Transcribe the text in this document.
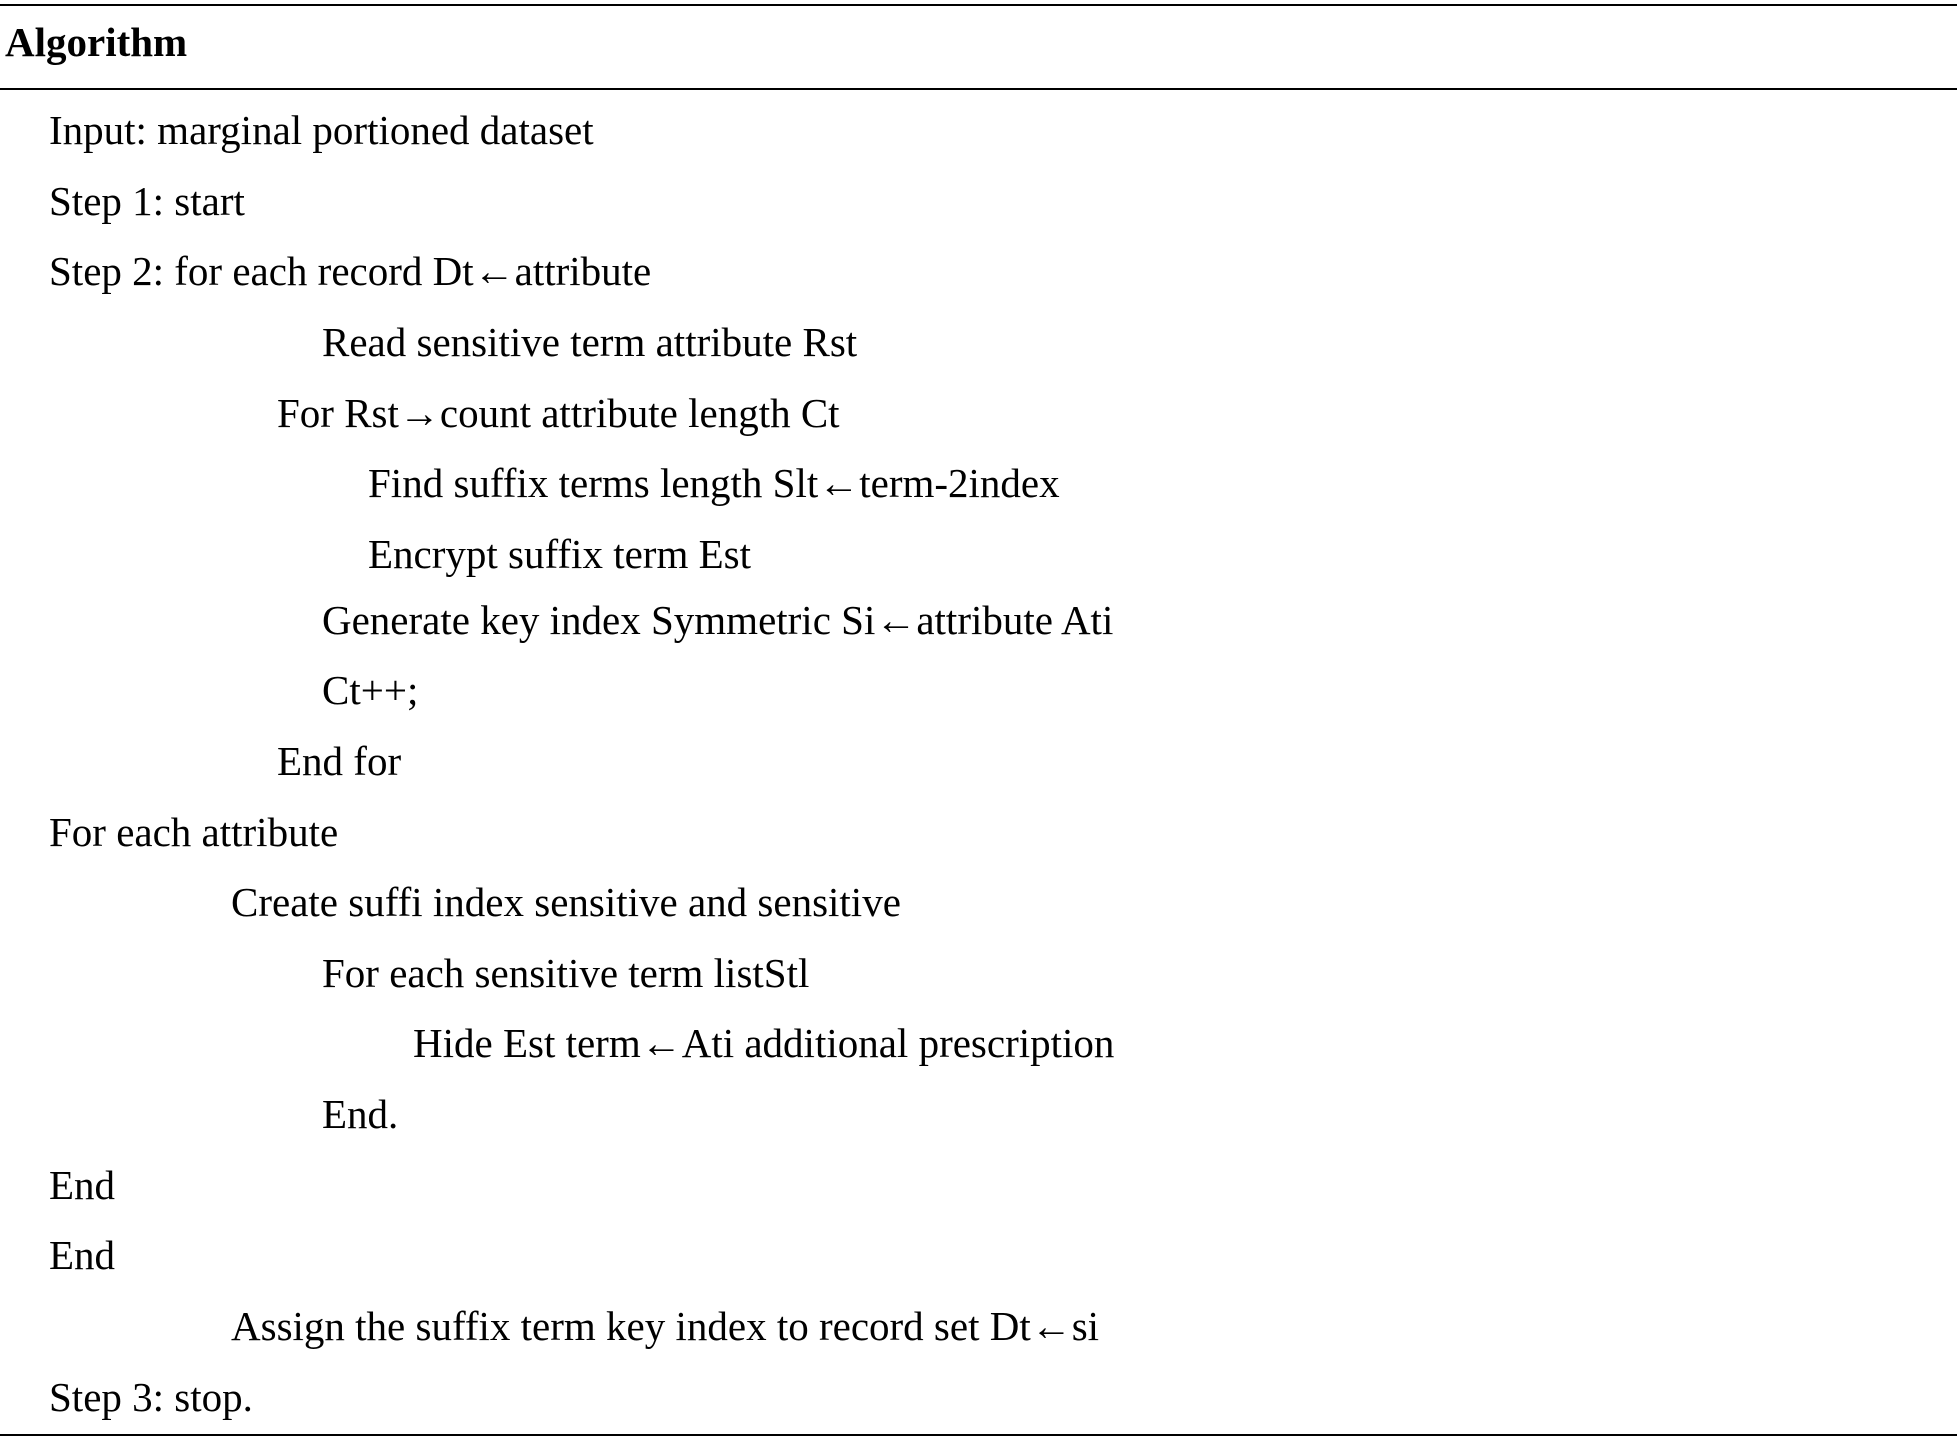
Algorithm
Input: marginal portioned dataset
Step 1: start
Step 2: for each record Dt←attribute
Read sensitive term attribute Rst
For Rst→count attribute length Ct
Find suffix terms length Slt←term-2index
Encrypt suffix term Est
Generate key index Symmetric Si←attribute Ati
Ct++;
End for
For each attribute
Create suffi index sensitive and sensitive
For each sensitive term listStl
Hide Est term←Ati additional prescription
End.
End
End
Assign the suffix term key index to record set Dt←si
Step 3: stop.
